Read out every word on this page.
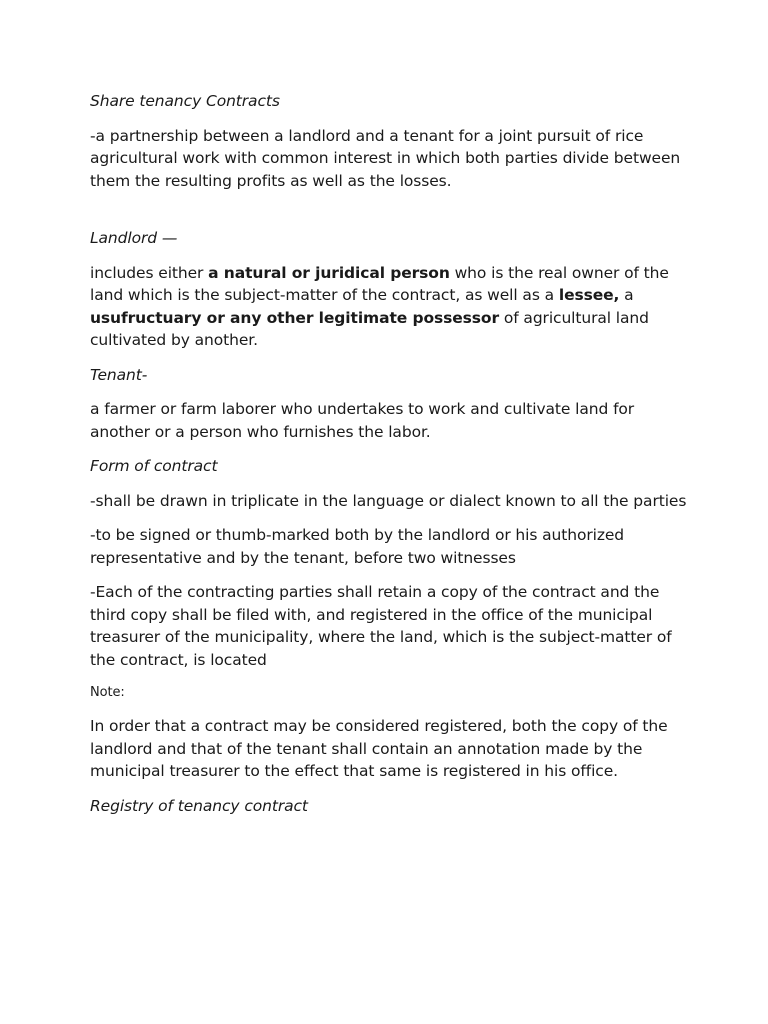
Share tenancy Contracts

-a partnership between a landlord and a tenant for a joint pursuit of rice agricultural work with common interest in which both parties divide between them the resulting profits as well as the losses.

Landlord —

includes either a natural or juridical person who is the real owner of the land which is the subject-matter of the contract, as well as a lessee, a usufructuary or any other legitimate possessor of agricultural land cultivated by another.

Tenant-

a farmer or farm laborer who undertakes to work and cultivate land for another or a person who furnishes the labor.

Form of contract

-shall be drawn in triplicate in the language or dialect known to all the parties

-to be signed or thumb-marked both by the landlord or his authorized representative and by the tenant, before two witnesses

-Each of the contracting parties shall retain a copy of the contract and the third copy shall be filed with, and registered in the office of the municipal treasurer of the municipality, where the land, which is the subject-matter of the contract, is located

Note:

In order that a contract may be considered registered, both the copy of the landlord and that of the tenant shall contain an annotation made by the municipal treasurer to the effect that same is registered in his office.

Registry of tenancy contract
